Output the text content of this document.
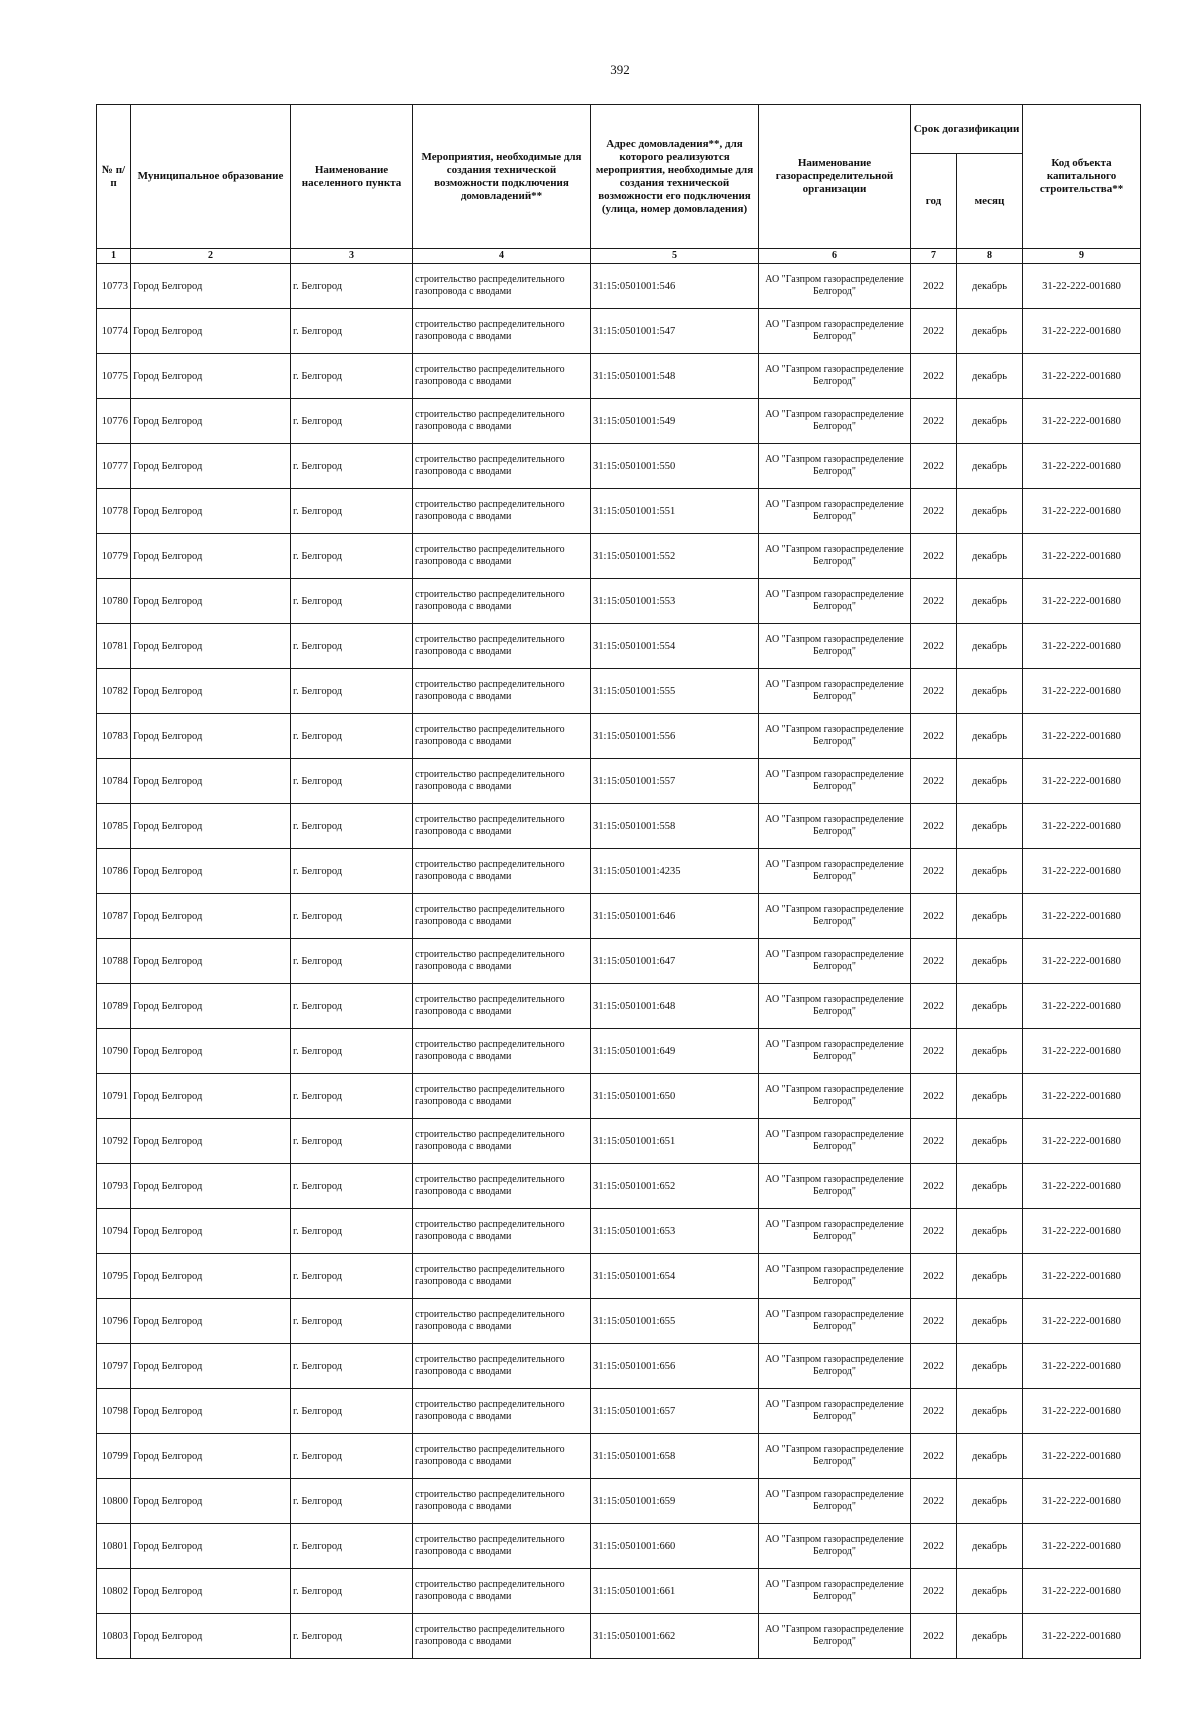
392
№ п/п	Муниципальное образование	Наименование населенного пункта	Мероприятия, необходимые для создания технической возможности подключения домовладений**	Адрес домовладения**, для которого реализуются мероприятия, необходимые для создания технической возможности его подключения (улица, номер домовладения)	Наименование газораспределительной организации	Срок догазификации		Код объекта капитального строительства**
						год	месяц	
1	2	3	4	5	6	7	8	9
10773	Город Белгород	г. Белгород	строительство распределительного газопровода с вводами	31:15:0501001:546	АО "Газпром газораспределение Белгород"	2022	декабрь	31-22-222-001680
10774	Город Белгород	г. Белгород	строительство распределительного газопровода с вводами	31:15:0501001:547	АО "Газпром газораспределение Белгород"	2022	декабрь	31-22-222-001680
10775	Город Белгород	г. Белгород	строительство распределительного газопровода с вводами	31:15:0501001:548	АО "Газпром газораспределение Белгород"	2022	декабрь	31-22-222-001680
10776	Город Белгород	г. Белгород	строительство распределительного газопровода с вводами	31:15:0501001:549	АО "Газпром газораспределение Белгород"	2022	декабрь	31-22-222-001680
10777	Город Белгород	г. Белгород	строительство распределительного газопровода с вводами	31:15:0501001:550	АО "Газпром газораспределение Белгород"	2022	декабрь	31-22-222-001680
10778	Город Белгород	г. Белгород	строительство распределительного газопровода с вводами	31:15:0501001:551	АО "Газпром газораспределение Белгород"	2022	декабрь	31-22-222-001680
10779	Город Белгород	г. Белгород	строительство распределительного газопровода с вводами	31:15:0501001:552	АО "Газпром газораспределение Белгород"	2022	декабрь	31-22-222-001680
10780	Город Белгород	г. Белгород	строительство распределительного газопровода с вводами	31:15:0501001:553	АО "Газпром газораспределение Белгород"	2022	декабрь	31-22-222-001680
10781	Город Белгород	г. Белгород	строительство распределительного газопровода с вводами	31:15:0501001:554	АО "Газпром газораспределение Белгород"	2022	декабрь	31-22-222-001680
10782	Город Белгород	г. Белгород	строительство распределительного газопровода с вводами	31:15:0501001:555	АО "Газпром газораспределение Белгород"	2022	декабрь	31-22-222-001680
10783	Город Белгород	г. Белгород	строительство распределительного газопровода с вводами	31:15:0501001:556	АО "Газпром газораспределение Белгород"	2022	декабрь	31-22-222-001680
10784	Город Белгород	г. Белгород	строительство распределительного газопровода с вводами	31:15:0501001:557	АО "Газпром газораспределение Белгород"	2022	декабрь	31-22-222-001680
10785	Город Белгород	г. Белгород	строительство распределительного газопровода с вводами	31:15:0501001:558	АО "Газпром газораспределение Белгород"	2022	декабрь	31-22-222-001680
10786	Город Белгород	г. Белгород	строительство распределительного газопровода с вводами	31:15:0501001:4235	АО "Газпром газораспределение Белгород"	2022	декабрь	31-22-222-001680
10787	Город Белгород	г. Белгород	строительство распределительного газопровода с вводами	31:15:0501001:646	АО "Газпром газораспределение Белгород"	2022	декабрь	31-22-222-001680
10788	Город Белгород	г. Белгород	строительство распределительного газопровода с вводами	31:15:0501001:647	АО "Газпром газораспределение Белгород"	2022	декабрь	31-22-222-001680
10789	Город Белгород	г. Белгород	строительство распределительного газопровода с вводами	31:15:0501001:648	АО "Газпром газораспределение Белгород"	2022	декабрь	31-22-222-001680
10790	Город Белгород	г. Белгород	строительство распределительного газопровода с вводами	31:15:0501001:649	АО "Газпром газораспределение Белгород"	2022	декабрь	31-22-222-001680
10791	Город Белгород	г. Белгород	строительство распределительного газопровода с вводами	31:15:0501001:650	АО "Газпром газораспределение Белгород"	2022	декабрь	31-22-222-001680
10792	Город Белгород	г. Белгород	строительство распределительного газопровода с вводами	31:15:0501001:651	АО "Газпром газораспределение Белгород"	2022	декабрь	31-22-222-001680
10793	Город Белгород	г. Белгород	строительство распределительного газопровода с вводами	31:15:0501001:652	АО "Газпром газораспределение Белгород"	2022	декабрь	31-22-222-001680
10794	Город Белгород	г. Белгород	строительство распределительного газопровода с вводами	31:15:0501001:653	АО "Газпром газораспределение Белгород"	2022	декабрь	31-22-222-001680
10795	Город Белгород	г. Белгород	строительство распределительного газопровода с вводами	31:15:0501001:654	АО "Газпром газораспределение Белгород"	2022	декабрь	31-22-222-001680
10796	Город Белгород	г. Белгород	строительство распределительного газопровода с вводами	31:15:0501001:655	АО "Газпром газораспределение Белгород"	2022	декабрь	31-22-222-001680
10797	Город Белгород	г. Белгород	строительство распределительного газопровода с вводами	31:15:0501001:656	АО "Газпром газораспределение Белгород"	2022	декабрь	31-22-222-001680
10798	Город Белгород	г. Белгород	строительство распределительного газопровода с вводами	31:15:0501001:657	АО "Газпром газораспределение Белгород"	2022	декабрь	31-22-222-001680
10799	Город Белгород	г. Белгород	строительство распределительного газопровода с вводами	31:15:0501001:658	АО "Газпром газораспределение Белгород"	2022	декабрь	31-22-222-001680
10800	Город Белгород	г. Белгород	строительство распределительного газопровода с вводами	31:15:0501001:659	АО "Газпром газораспределение Белгород"	2022	декабрь	31-22-222-001680
10801	Город Белгород	г. Белгород	строительство распределительного газопровода с вводами	31:15:0501001:660	АО "Газпром газораспределение Белгород"	2022	декабрь	31-22-222-001680
10802	Город Белгород	г. Белгород	строительство распределительного газопровода с вводами	31:15:0501001:661	АО "Газпром газораспределение Белгород"	2022	декабрь	31-22-222-001680
10803	Город Белгород	г. Белгород	строительство распределительного газопровода с вводами	31:15:0501001:662	АО "Газпром газораспределение Белгород"	2022	декабрь	31-22-222-001680
